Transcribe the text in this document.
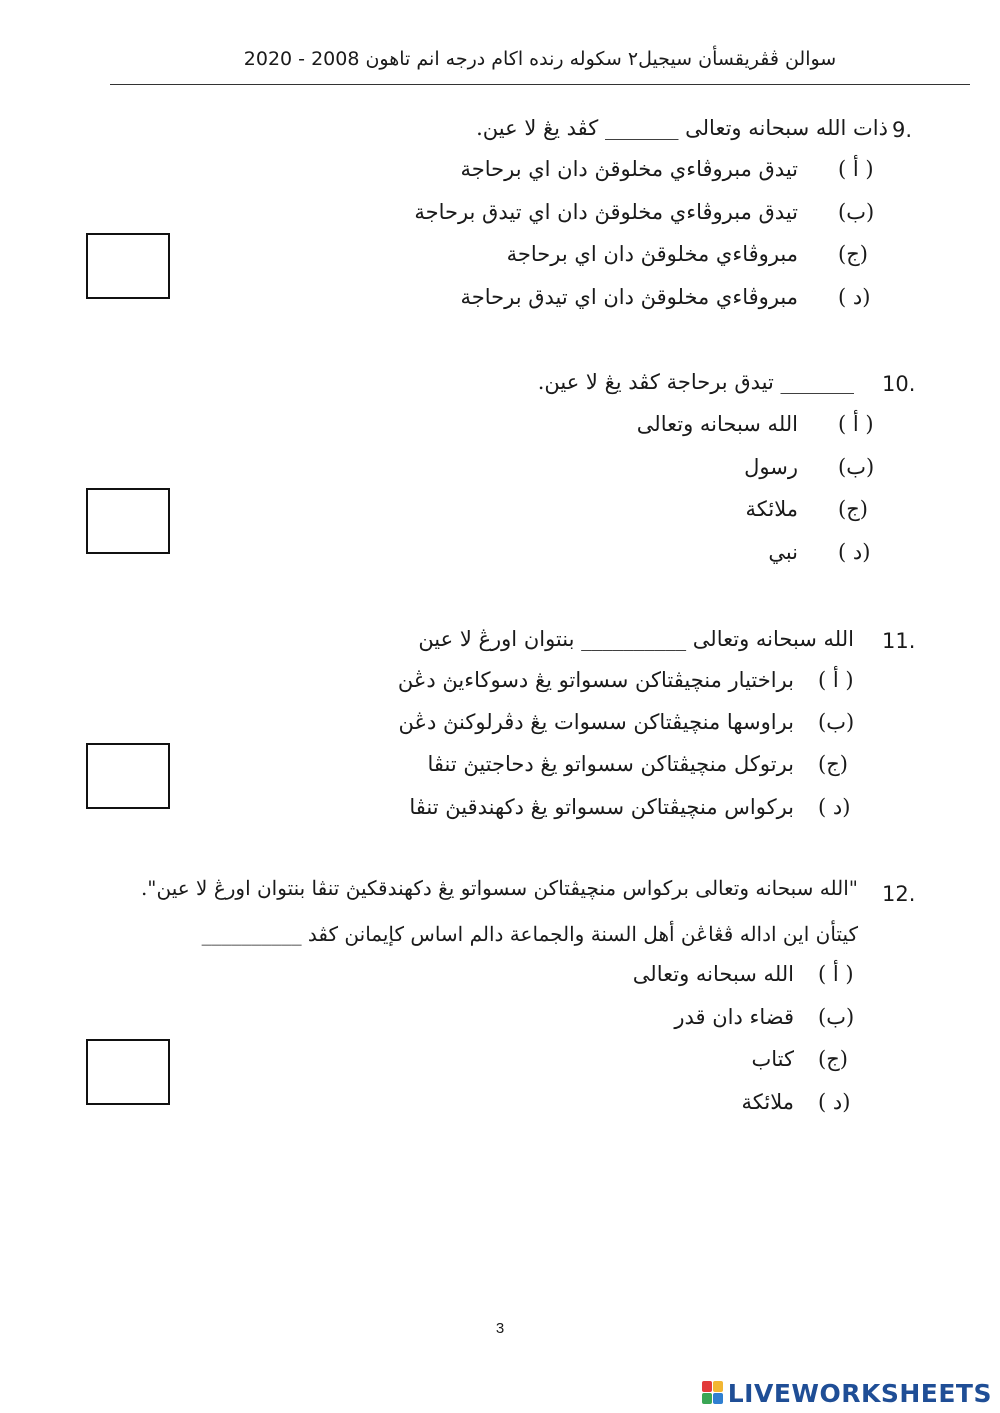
سوالن ڤڤريقسأن سيجيل٢ سكوله رنده اكام درجه انم تاهون 2008 - 2020
9.
ذات الله سبحانه وتعالى _______ كڤد يڠ لا عين.
( أ )
تيدق مبروڤاءي مخلوقڽ دان اي برحاجة
(ب)
تيدق مبروڤاءي مخلوقڽ دان اي تيدق برحاجة
(ج)
مبروڤاءي مخلوقڽ دان اي برحاجة
( د)
مبروڤاءي مخلوقڽ دان اي تيدق برحاجة
10.
_______ تيدق برحاجة كڤد يڠ لا عين.
( أ )
الله سبحانه وتعالى
(ب)
رسول
(ج)
ملائكة
( د)
نبي
11.
الله سبحانه وتعالى __________ بنتوان اورڠ لا عين
( أ )
براختيار منچيڤتاكن سسواتو يڠ دسوكاءيڽ دڠن
(ب)
براوسها منچيڤتاكن سسوات يڠ دڤرلوكنڽ دڠن
(ج)
برتوكل منچيڤتاكن سسواتو يڠ دحاجتيڽ تنڤا
( د)
بركواس منچيڤتاكن سسواتو يڠ دكهندقيڽ تنڤا
12.
"الله سبحانه وتعالى بركواس منچيڤتاكن سسواتو يڠ دكهندقكيڽ تنڤا بنتوان اورڠ لا عين".
كيتأن اين اداله ڤڠاڠن أهل السنة والجماعة دالم اساس كإيمانن كڤد __________
( أ )
الله سبحانه وتعالى
(ب)
قضاء دان قدر
(ج)
كتاب
( د)
ملائكة
3
LIVEWORKSHEETS
